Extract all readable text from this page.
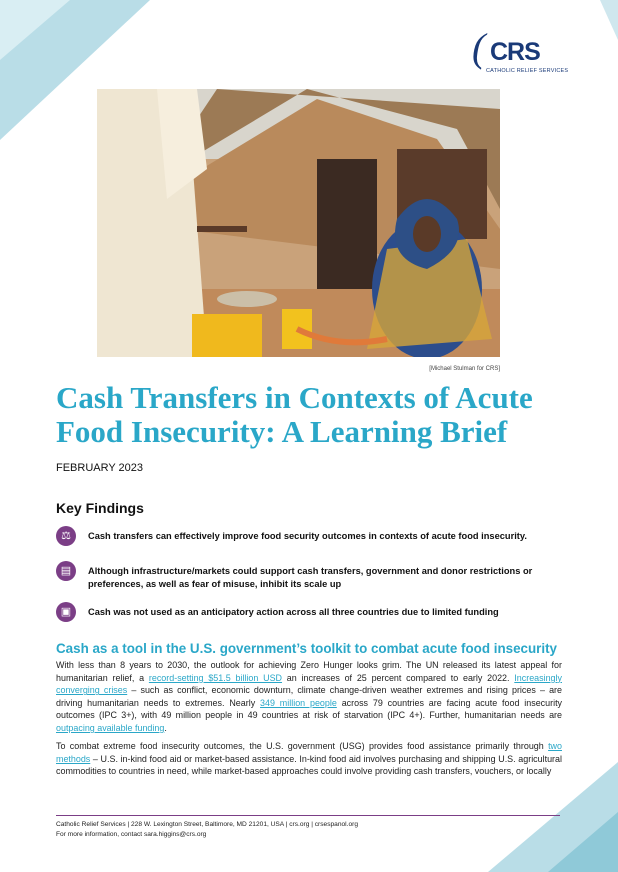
( CRS
CATHOLIC RELIEF SERVICES
[Michael Stulman for CRS]
Cash Transfers in Contexts of Acute Food Insecurity: A Learning Brief
FEBRUARY 2023
Key Findings
⚖	Cash transfers can effectively improve food security outcomes in contexts of acute food insecurity.
▤	Although infrastructure/markets could support cash transfers, government and donor restrictions or preferences, as well as fear of misuse, inhibit its scale up
▣	Cash was not used as an anticipatory action across all three countries due to limited funding
Cash as a tool in the U.S. government’s toolkit to combat acute food insecurity
With less than 8 years to 2030, the outlook for achieving Zero Hunger looks grim. The UN released its latest appeal for humanitarian relief, a record-setting $51.5 billion USD an increases of 25 percent compared to early 2022. Increasingly converging crises – such as conflict, economic downturn, climate change-driven weather extremes and rising prices – are driving humanitarian needs to extremes. Nearly 349 million people across 79 countries are facing acute food insecurity outcomes (IPC 3+), with 49 million people in 49 countries at risk of starvation (IPC 4+). Further, humanitarian needs are outpacing available funding.
To combat extreme food insecurity outcomes, the U.S. government (USG) provides food assistance primarily through two methods – U.S. in-kind food aid or market-based assistance. In-kind food aid involves purchasing and shipping U.S. agricultural commodities to countries in need, while market-based approaches could involve providing cash transfers, vouchers, or locally
Catholic Relief Services | 228 W. Lexington Street, Baltimore, MD 21201, USA | crs.org | crsespanol.org
For more information, contact sara.higgins@crs.org
